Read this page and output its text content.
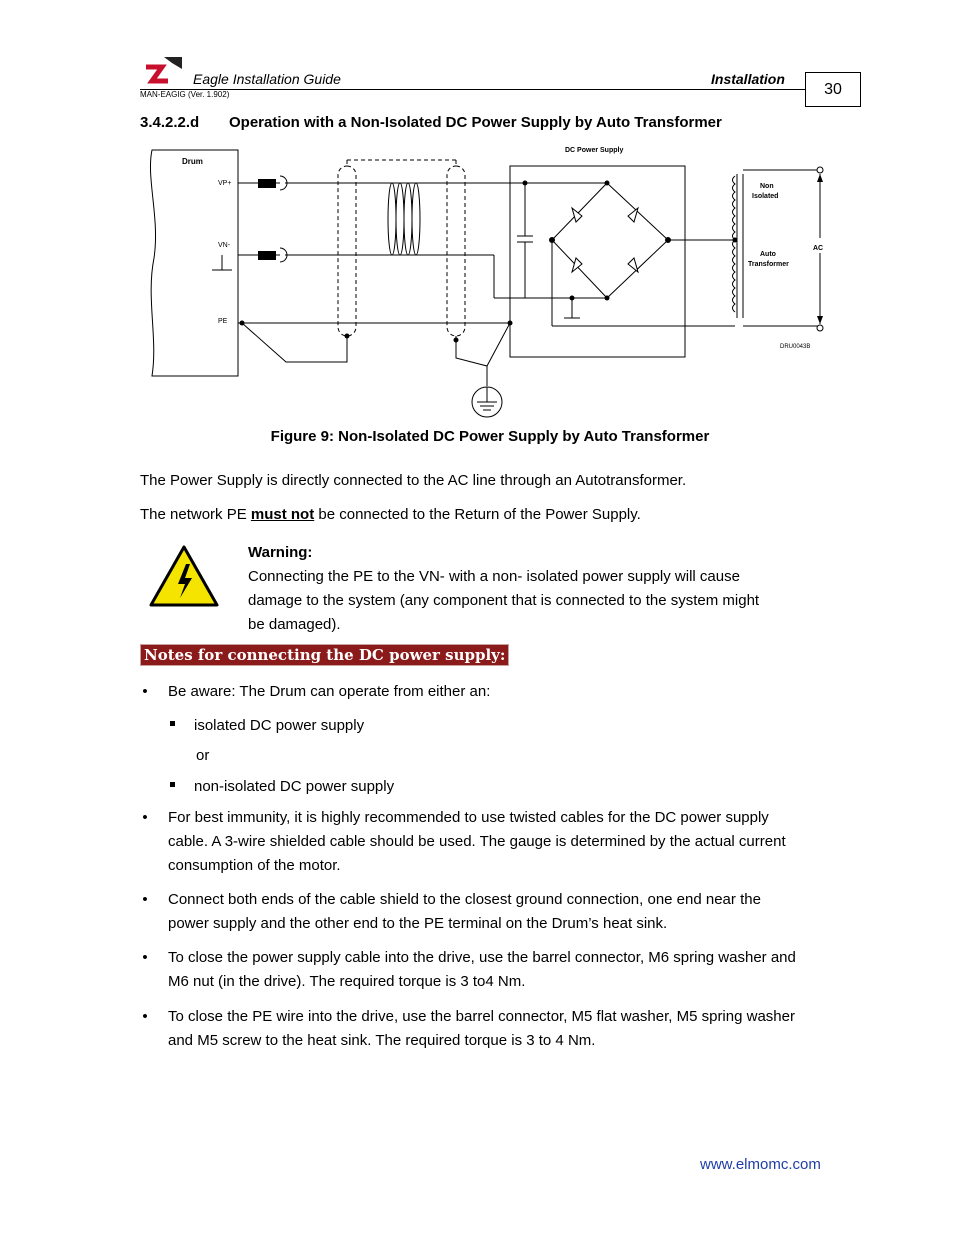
Eagle Installation Guide
MAN-EAGIG (Ver. 1.902)
Installation
30
3.4.2.2.d Operation with a Non-Isolated DC Power Supply by Auto Transformer
Drum
VP+
VN-
PE
DC Power Supply
AC
Non
Isolated
Auto
Transformer
DRU0043B
Figure 9: Non-Isolated DC Power Supply by Auto Transformer
The Power Supply is directly connected to the AC line through an Autotransformer.
The network PE must not be connected to the Return of the Power Supply.
Warning:
Connecting the PE to the VN- with a non- isolated power supply will cause
damage to the system (any component that is connected to the system might
be damaged).
Notes for connecting the DC power supply:
• Be aware: The Drum can operate from either an:
isolated DC power supply
or
non-isolated DC power supply
• For best immunity, it is highly recommended to use twisted cables for the DC power supply
cable. A 3-wire shielded cable should be used. The gauge is determined by the actual current
consumption of the motor.
• Connect both ends of the cable shield to the closest ground connection, one end near the
power supply and the other end to the PE terminal on the Drum’s heat sink.
• To close the power supply cable into the drive, use the barrel connector, M6 spring washer and
M6 nut (in the drive). The required torque is 3 to4 Nm.
• To close the PE wire into the drive, use the barrel connector, M5 flat washer, M5 spring washer
and M5 screw to the heat sink. The required torque is 3 to 4 Nm.
www.elmomc.com
